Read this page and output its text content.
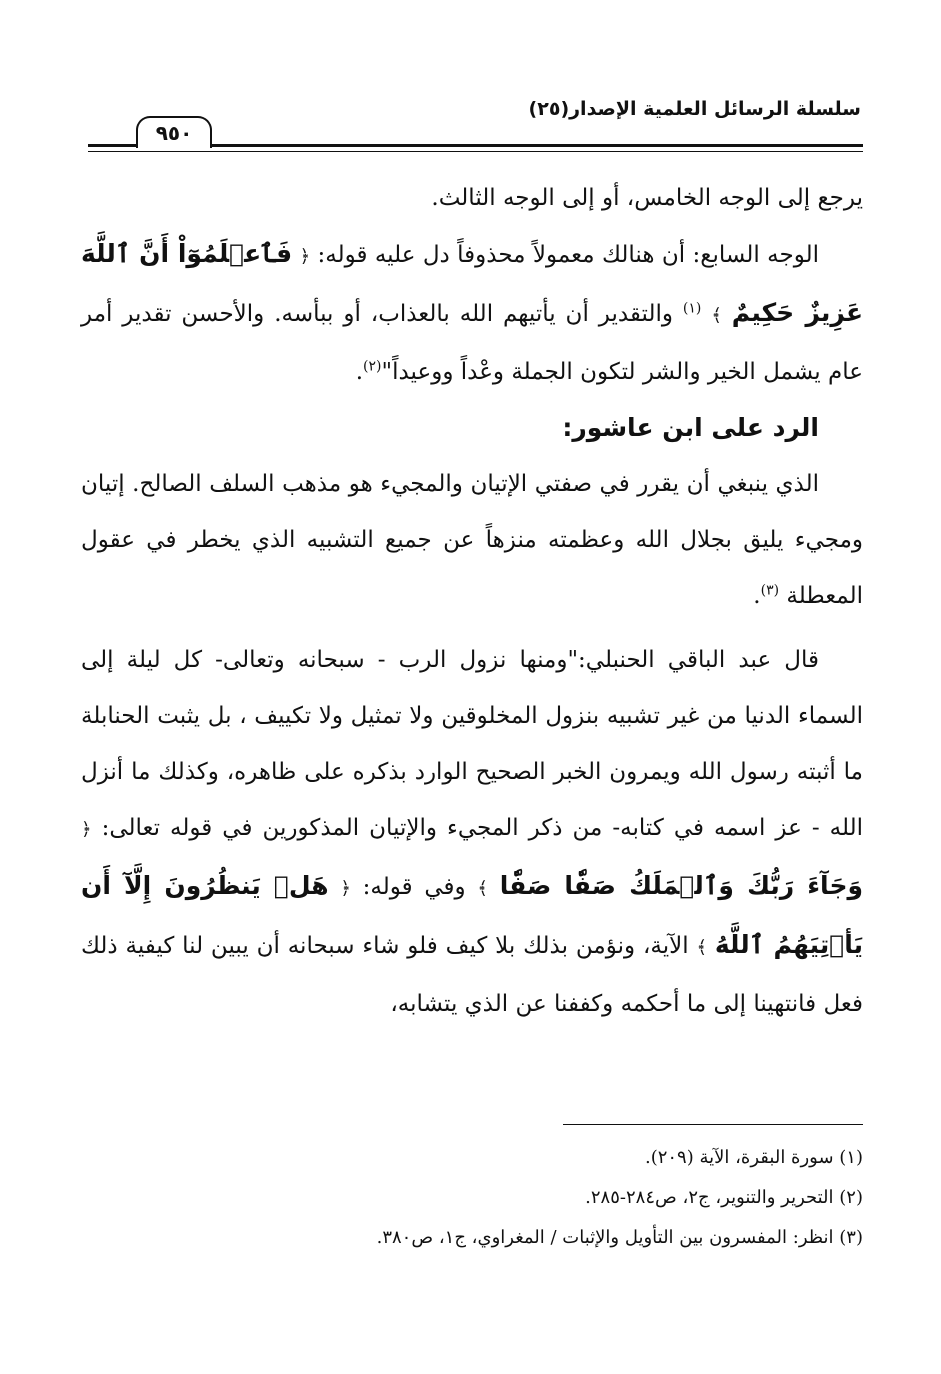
سلسلة الرسائل العلمية الإصدار(٢٥)
٩٥٠

يرجع إلى الوجه الخامس، أو إلى الوجه الثالث.

الوجه السابع: أن هنالك معمولاً محذوفاً دل عليه قوله: ﴿ فَٱعۡلَمُوٓاْ أَنَّ ٱللَّهَ عَزِيزٌ حَكِيمٌ ﴾ $^{(١)}$ والتقدير أن يأتيهم الله بالعذاب، أو ببأسه. والأحسن تقدير أمر عام يشمل الخير والشر لتكون الجملة وعْداً ووعيداً"$^{(٢)}$.

الرد على ابن عاشور:

الذي ينبغي أن يقرر في صفتي الإتيان والمجيء هو مذهب السلف الصالح. إتيان ومجيء يليق بجلال الله وعظمته منزهاً عن جميع التشبيه الذي يخطر في عقول المعطلة $^{(٣)}$.

قال عبد الباقي الحنبلي:"ومنها نزول الرب - سبحانه وتعالى- كل ليلة إلى السماء الدنيا من غير تشبيه بنزول المخلوقين ولا تمثيل ولا تكييف ، بل يثبت الحنابلة ما أثبته رسول الله ويمرون الخبر الصحيح الوارد بذكره على ظاهره، وكذلك ما أنزل الله - عز اسمه في كتابه- من ذكر المجيء والإتيان المذكورين في قوله تعالى: ﴿ وَجَآءَ رَبُّكَ وَٱلۡمَلَكُ صَفّٗا صَفّٗا ﴾ وفي قوله: ﴿ هَلۡ يَنظُرُونَ إِلَّآ أَن يَأۡتِيَهُمُ ٱللَّهُ ﴾ الآية، ونؤمن بذلك بلا كيف فلو شاء سبحانه أن يبين لنا كيفية ذلك فعل فانتهينا إلى ما أحكمه وكففنا عن الذي يتشابه،

(١) سورة البقرة، الآية (٢٠٩).

(٢) التحرير والتنوير، ج٢، ص٢٨٤-٢٨٥.

(٣) انظر: المفسرون بين التأويل والإثبات / المغراوي، ج١، ص٣٨٠.
